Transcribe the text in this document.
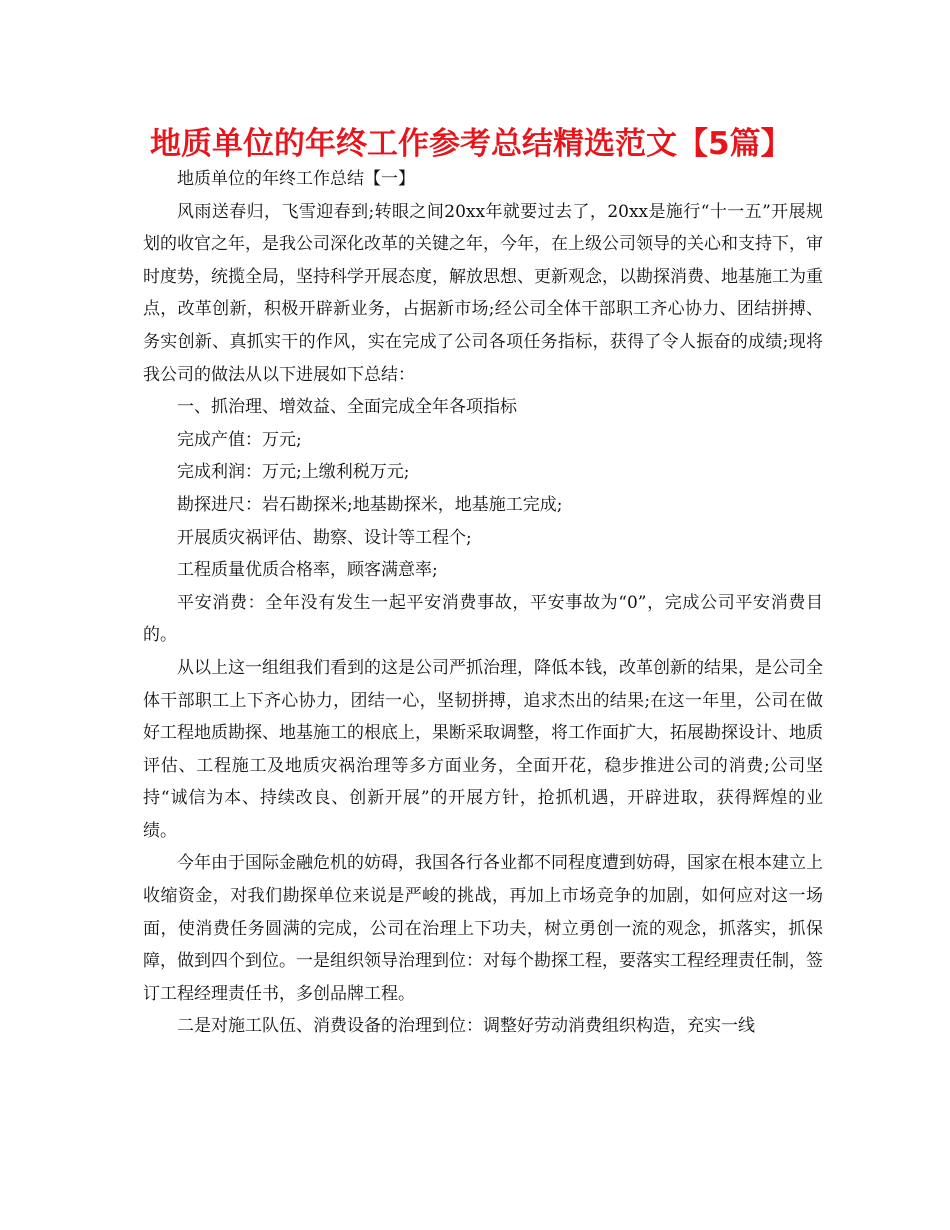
地质单位的年终工作参考总结精选范文【5篇】

地质单位的年终工作总结【一】

风雨送春归，飞雪迎春到;转眼之间20xx年就要过去了，20xx是施行“十一五”开展规划的收官之年，是我公司深化改革的关键之年，今年，在上级公司领导的关心和支持下，审时度势，统揽全局，坚持科学开展态度，解放思想、更新观念，以勘探消费、地基施工为重点，改革创新，积极开辟新业务，占据新市场;经公司全体干部职工齐心协力、团结拼搏、务实创新、真抓实干的作风，实在完成了公司各项任务指标，获得了令人振奋的成绩;现将我公司的做法从以下进展如下总结：

一、抓治理、增效益、全面完成全年各项指标

完成产值：万元;

完成利润：万元;上缴利税万元;

勘探进尺：岩石勘探米;地基勘探米，地基施工完成;

开展质灾祸评估、勘察、设计等工程个;

工程质量优质合格率，顾客满意率;

平安消费：全年没有发生一起平安消费事故，平安事故为“0”，完成公司平安消费目的。

从以上这一组组我们看到的这是公司严抓治理，降低本钱，改革创新的结果，是公司全体干部职工上下齐心协力，团结一心，坚韧拼搏，追求杰出的结果;在这一年里，公司在做好工程地质勘探、地基施工的根底上，果断采取调整，将工作面扩大，拓展勘探设计、地质评估、工程施工及地质灾祸治理等多方面业务，全面开花，稳步推进公司的消费;公司坚持“诚信为本、持续改良、创新开展”的开展方针，抢抓机遇，开辟进取，获得辉煌的业绩。

今年由于国际金融危机的妨碍，我国各行各业都不同程度遭到妨碍，国家在根本建立上收缩资金，对我们勘探单位来说是严峻的挑战，再加上市场竞争的加剧，如何应对这一场面，使消费任务圆满的完成，公司在治理上下功夫，树立勇创一流的观念，抓落实，抓保障，做到四个到位。一是组织领导治理到位：对每个勘探工程，要落实工程经理责任制，签订工程经理责任书，多创品牌工程。

二是对施工队伍、消费设备的治理到位：调整好劳动消费组织构造，充实一线
